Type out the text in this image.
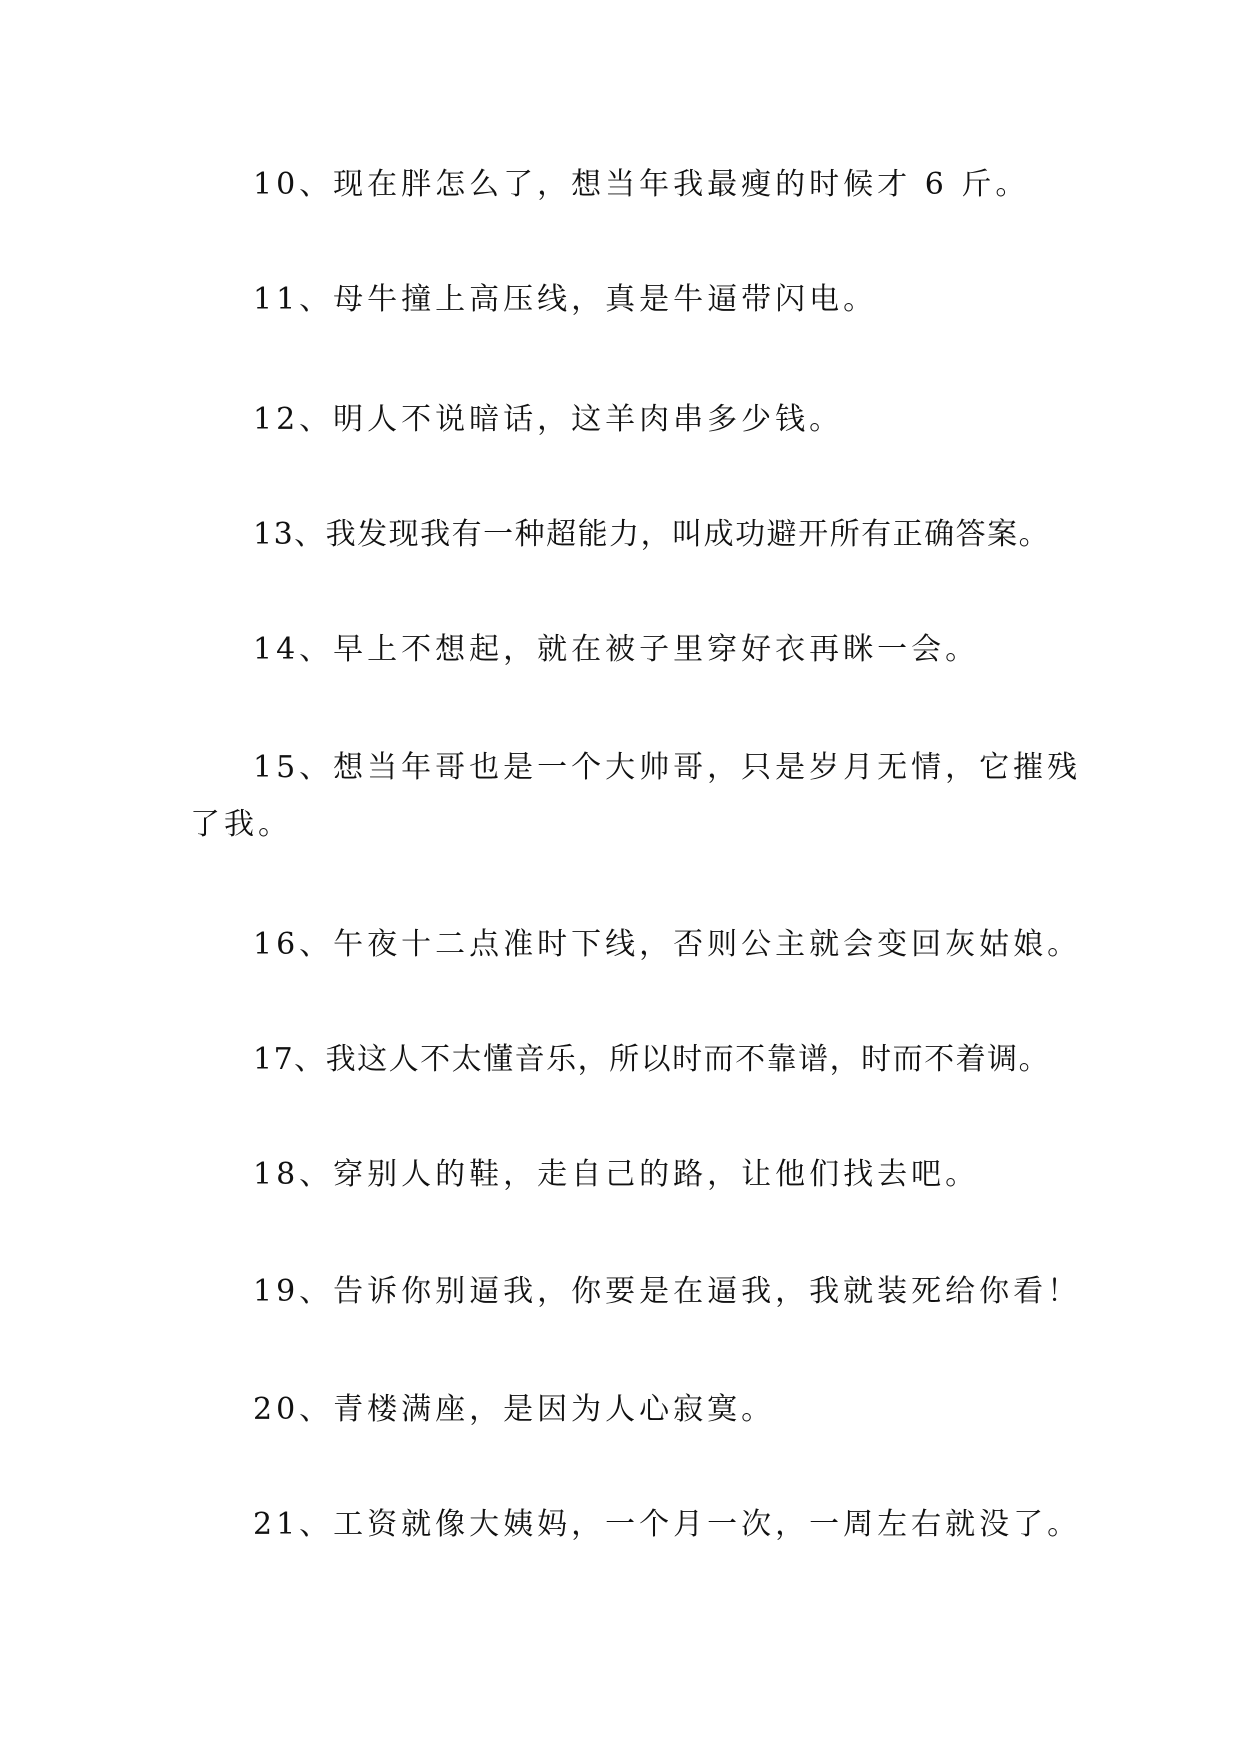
10、现在胖怎么了，想当年我最瘦的时候才 6 斤。
11、母牛撞上高压线，真是牛逼带闪电。
12、明人不说暗话，这羊肉串多少钱。
13、我发现我有一种超能力，叫成功避开所有正确答案。
14、早上不想起，就在被子里穿好衣再眯一会。
15、想当年哥也是一个大帅哥，只是岁月无情，它摧残
了我。
16、午夜十二点准时下线，否则公主就会变回灰姑娘。
17、我这人不太懂音乐，所以时而不靠谱，时而不着调。
18、穿别人的鞋，走自己的路，让他们找去吧。
19、告诉你别逼我，你要是在逼我，我就装死给你看！
20、青楼满座，是因为人心寂寞。
21、工资就像大姨妈，一个月一次，一周左右就没了。
